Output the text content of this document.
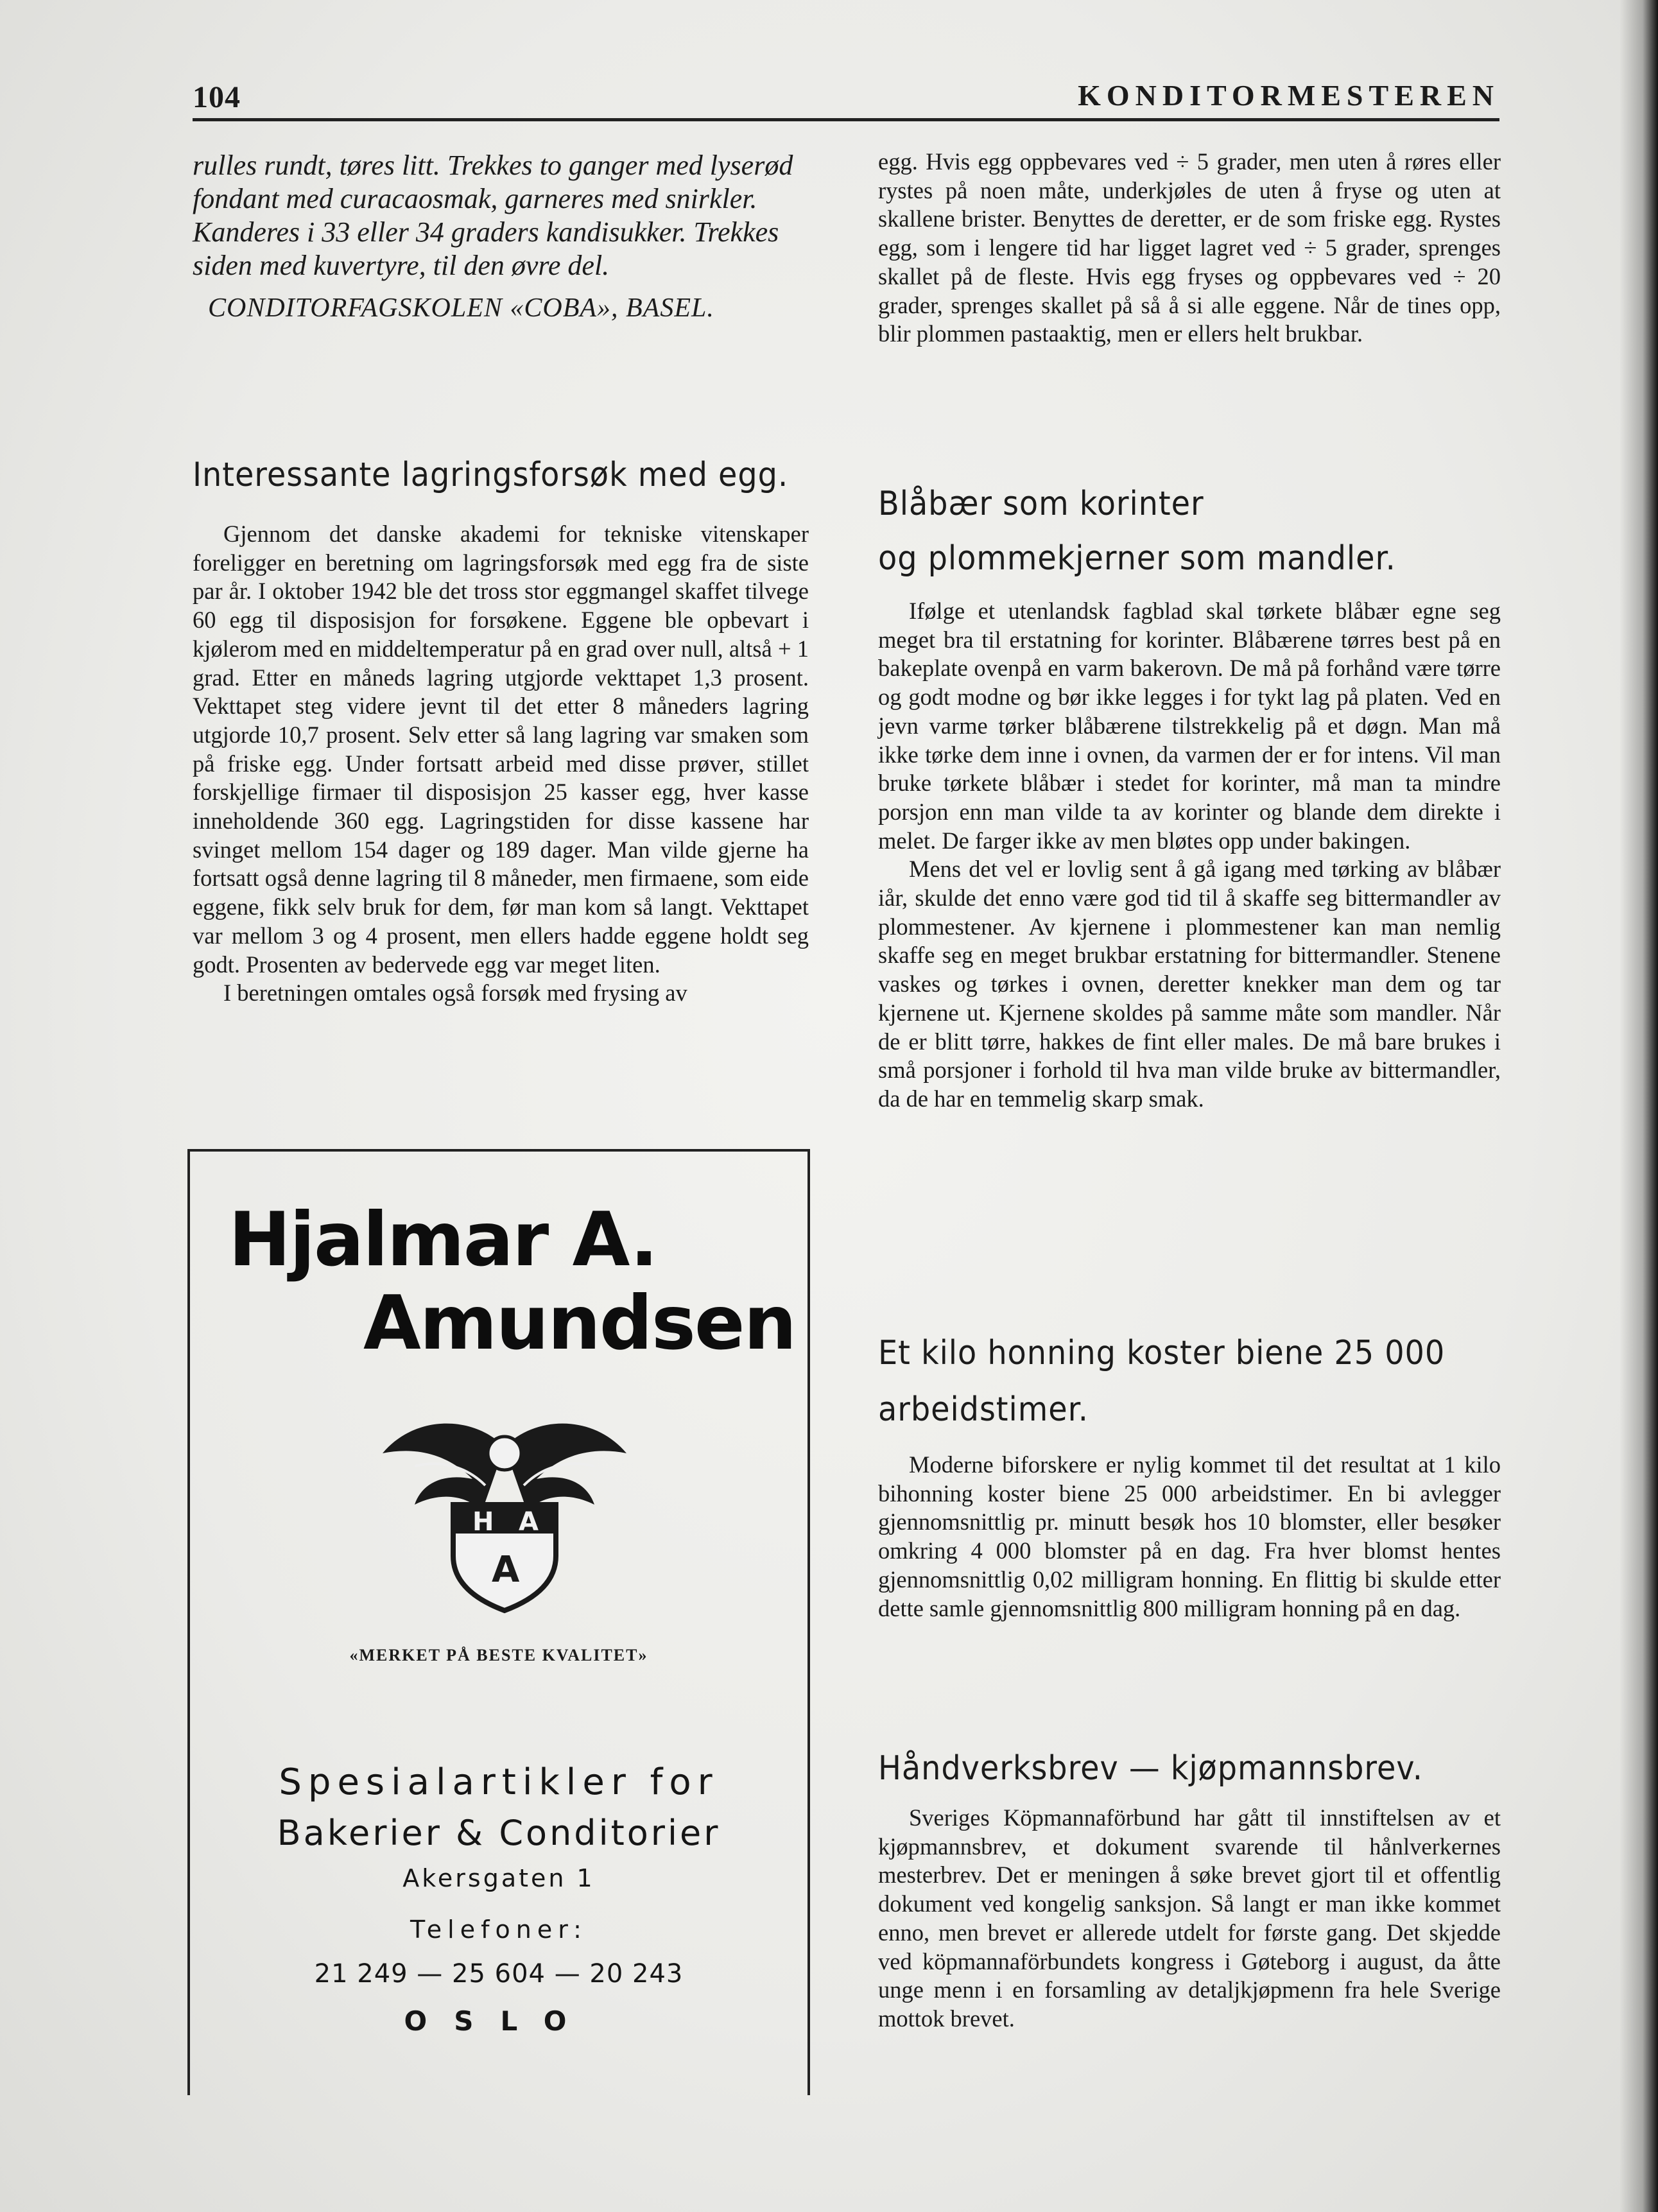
104	KONDITORMESTEREN

rulles rundt, tøres litt. Trekkes to ganger med lyserød fondant med curacaosmak, garneres med snirkler. Kanderes i 33 eller 34 graders kandisukker. Trekkes siden med kuvertyre, til den øvre del.

CONDITORFAGSKOLEN «COBA», BASEL.

Interessante lagringsforsøk med egg.

Gjennom det danske akademi for tekniske vitenskaper foreligger en beretning om lagringsforsøk med egg fra de siste par år. I oktober 1942 ble det tross stor eggmangel skaffet tilvege 60 egg til disposisjon for forsøkene. Eggene ble opbevart i kjølerom med en middeltemperatur på en grad over null, altså + 1 grad. Etter en måneds lagring utgjorde vekttapet 1,3 prosent. Vekttapet steg videre jevnt til det etter 8 måneders lagring utgjorde 10,7 prosent. Selv etter så lang lagring var smaken som på friske egg. Under fortsatt arbeid med disse prøver, stillet forskjellige firmaer til disposisjon 25 kasser egg, hver kasse inneholdende 360 egg. Lagringstiden for disse kassene har svinget mellom 154 dager og 189 dager. Man vilde gjerne ha fortsatt også denne lagring til 8 måneder, men firmaene, som eide eggene, fikk selv bruk for dem, før man kom så langt. Vekttapet var mellom 3 og 4 prosent, men ellers hadde eggene holdt seg godt. Prosenten av bedervede egg var meget liten.

I beretningen omtales også forsøk med frysing av

Hjalmar A.
Amundsen
H A
A
«MERKET PÅ BESTE KVALITET»
Spesialartikler for
Bakerier & Conditorier
Akersgaten 1
Telefoner:
21 249 — 25 604 — 20 243
OSLO

egg. Hvis egg oppbevares ved ÷ 5 grader, men uten å røres eller rystes på noen måte, underkjøles de uten å fryse og uten at skallene brister. Benyttes de deretter, er de som friske egg. Rystes egg, som i lengere tid har ligget lagret ved ÷ 5 grader, sprenges skallet på de fleste. Hvis egg fryses og oppbevares ved ÷ 20 grader, sprenges skallet på så å si alle eggene. Når de tines opp, blir plommen pastaaktig, men er ellers helt brukbar.

Blåbær som korinter
og plommekjerner som mandler.

Ifølge et utenlandsk fagblad skal tørkete blåbær egne seg meget bra til erstatning for korinter. Blåbærene tørres best på en bakeplate ovenpå en varm bakerovn. De må på forhånd være tørre og godt modne og bør ikke legges i for tykt lag på platen. Ved en jevn varme tørker blåbærene tilstrekkelig på et døgn. Man må ikke tørke dem inne i ovnen, da varmen der er for intens. Vil man bruke tørkete blåbær i stedet for korinter, må man ta mindre porsjon enn man vilde ta av korinter og blande dem direkte i melet. De farger ikke av men bløtes opp under bakingen.

Mens det vel er lovlig sent å gå igang med tørking av blåbær iår, skulde det enno være god tid til å skaffe seg bittermandler av plommestener. Av kjernene i plommestener kan man nemlig skaffe seg en meget brukbar erstatning for bittermandler. Stenene vaskes og tørkes i ovnen, deretter knekker man dem og tar kjernene ut. Kjernene skoldes på samme måte som mandler. Når de er blitt tørre, hakkes de fint eller males. De må bare brukes i små porsjoner i forhold til hva man vilde bruke av bittermandler, da de har en temmelig skarp smak.

Et kilo honning koster biene 25 000
arbeidstimer.

Moderne biforskere er nylig kommet til det resultat at 1 kilo bihonning koster biene 25 000 arbeidstimer. En bi avlegger gjennomsnittlig pr. minutt besøk hos 10 blomster, eller besøker omkring 4 000 blomster på en dag. Fra hver blomst hentes gjennomsnittlig 0,02 milligram honning. En flittig bi skulde etter dette samle gjennomsnittlig 800 milligram honning på en dag.

Håndverksbrev — kjøpmannsbrev.

Sveriges Köpmannaförbund har gått til innstiftelsen av et kjøpmannsbrev, et dokument svarende til hånlverkernes mesterbrev. Det er meningen å søke brevet gjort til et offentlig dokument ved kongelig sanksjon. Så langt er man ikke kommet enno, men brevet er allerede utdelt for første gang. Det skjedde ved köpmannaförbundets kongress i Gøteborg i august, da åtte unge menn i en forsamling av detaljkjøpmenn fra hele Sverige mottok brevet.
